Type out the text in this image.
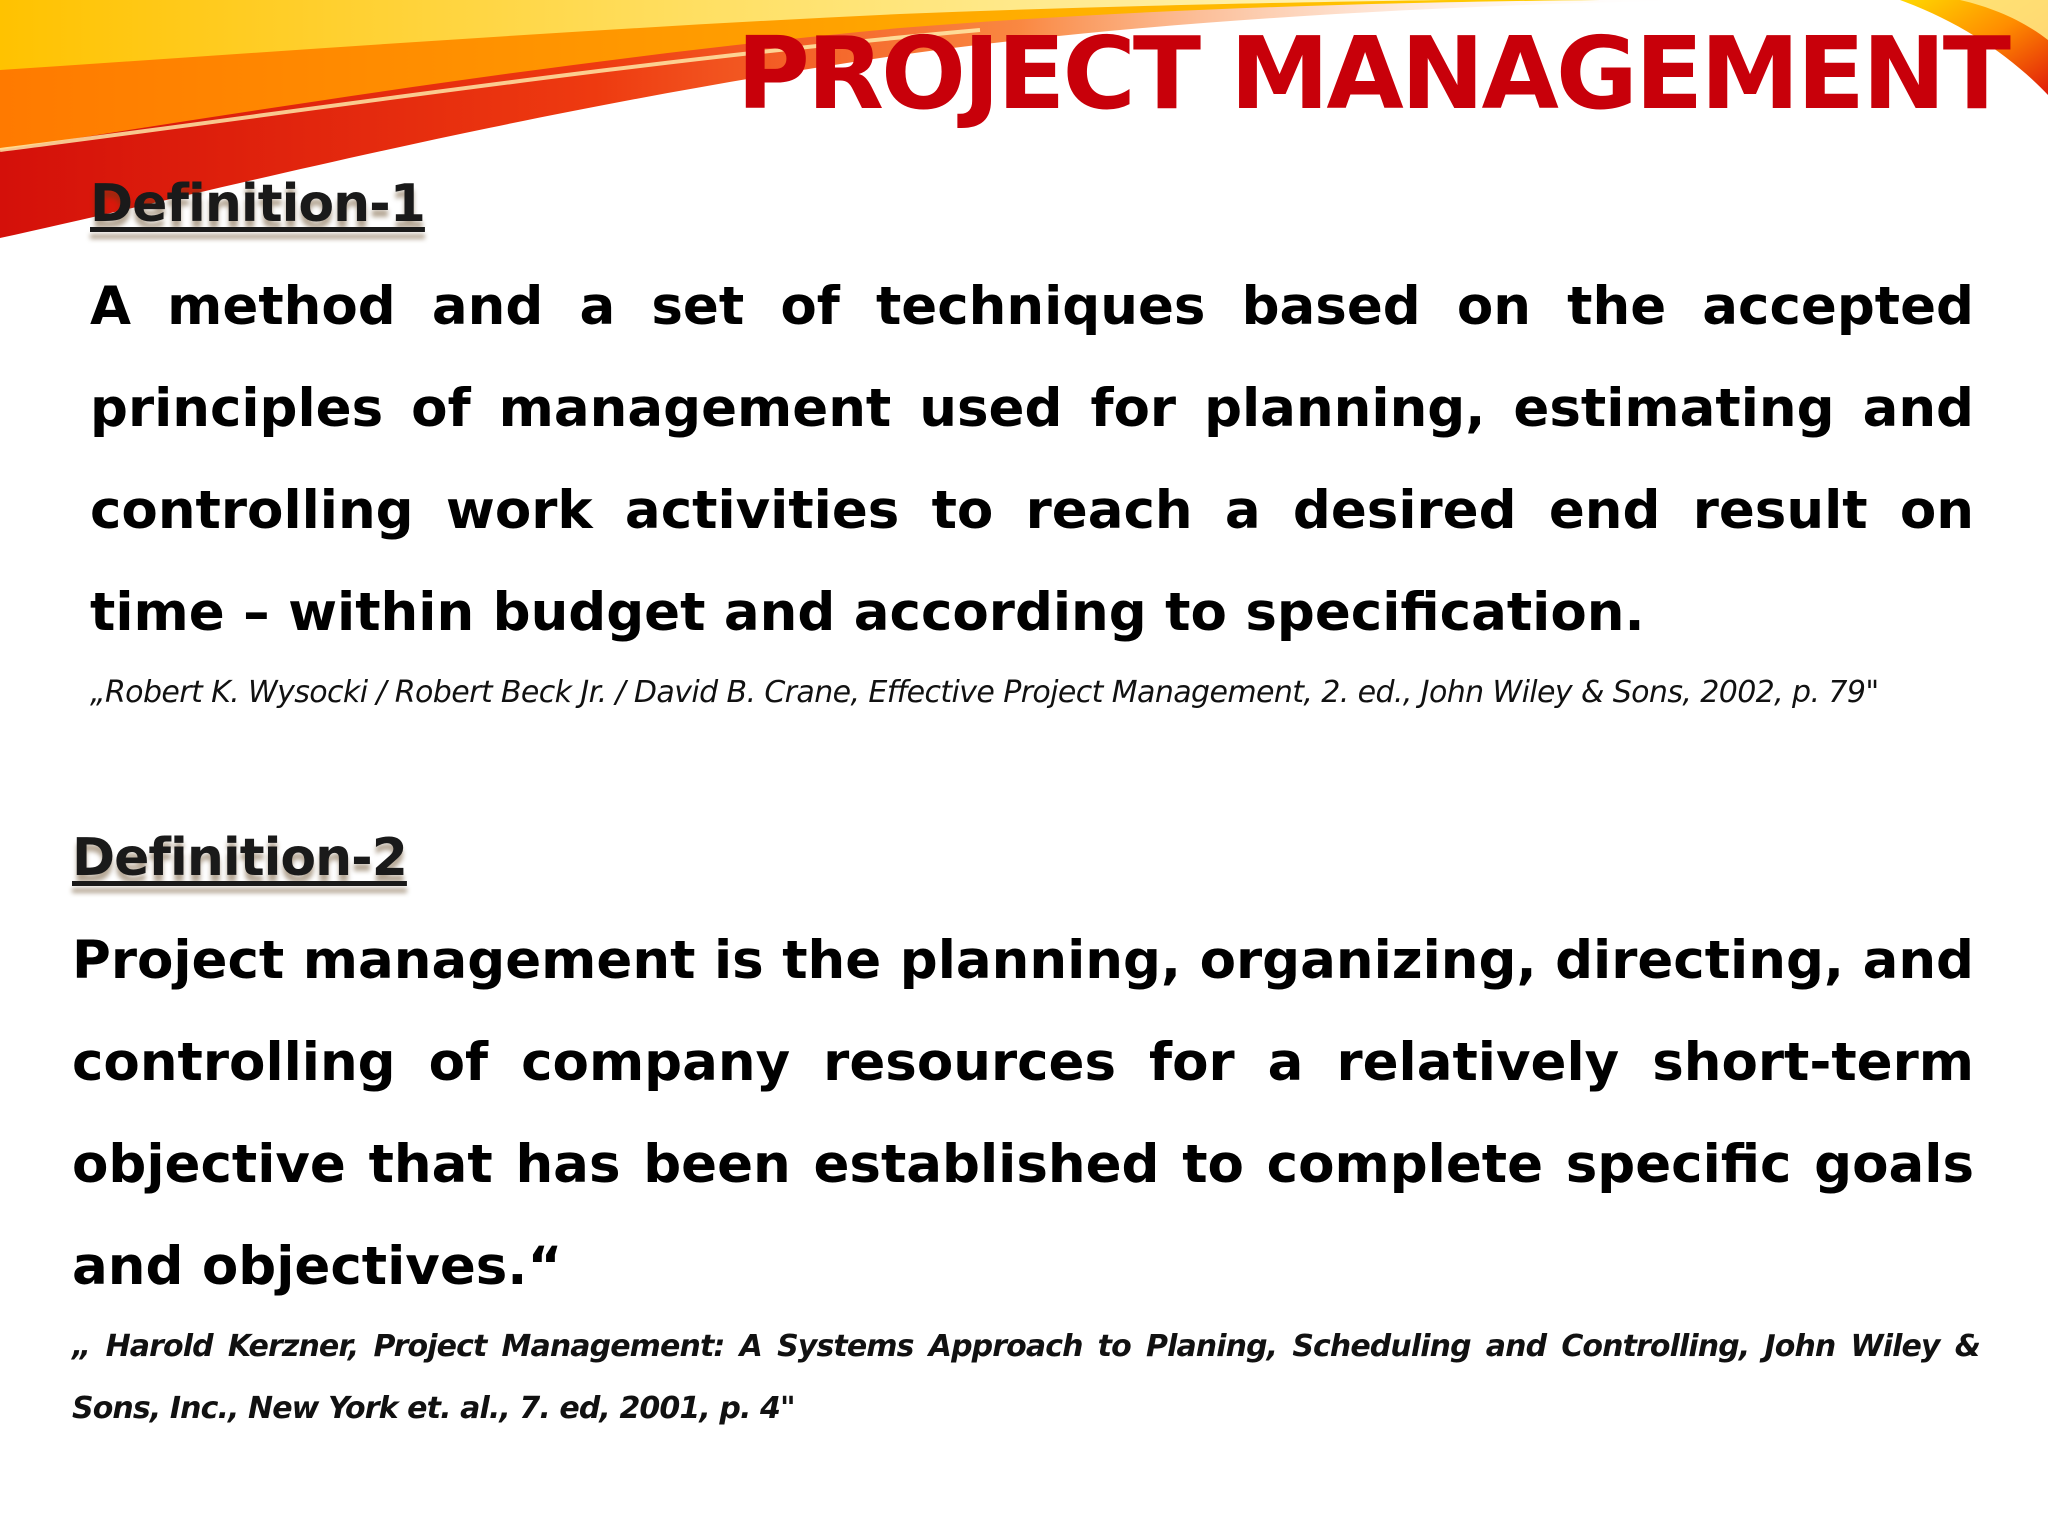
PROJECT MANAGEMENT
Definition-1

A method and a set of techniques based on the accepted principles of management used for planning, estimating and controlling work activities to reach a desired end result on time – within budget and according to specification.

„Robert K. Wysocki / Robert Beck Jr. / David B. Crane, Effective Project Management, 2. ed., John Wiley & Sons, 2002, p. 79"

Definition-2

Project management is the planning, organizing, directing, and controlling of company resources for a relatively short-term objective that has been established to complete specific goals and objectives.“

„ Harold Kerzner, Project Management: A Systems Approach to Planing, Scheduling and Controlling, John Wiley & Sons, Inc., New York et. al., 7. ed, 2001, p. 4"
